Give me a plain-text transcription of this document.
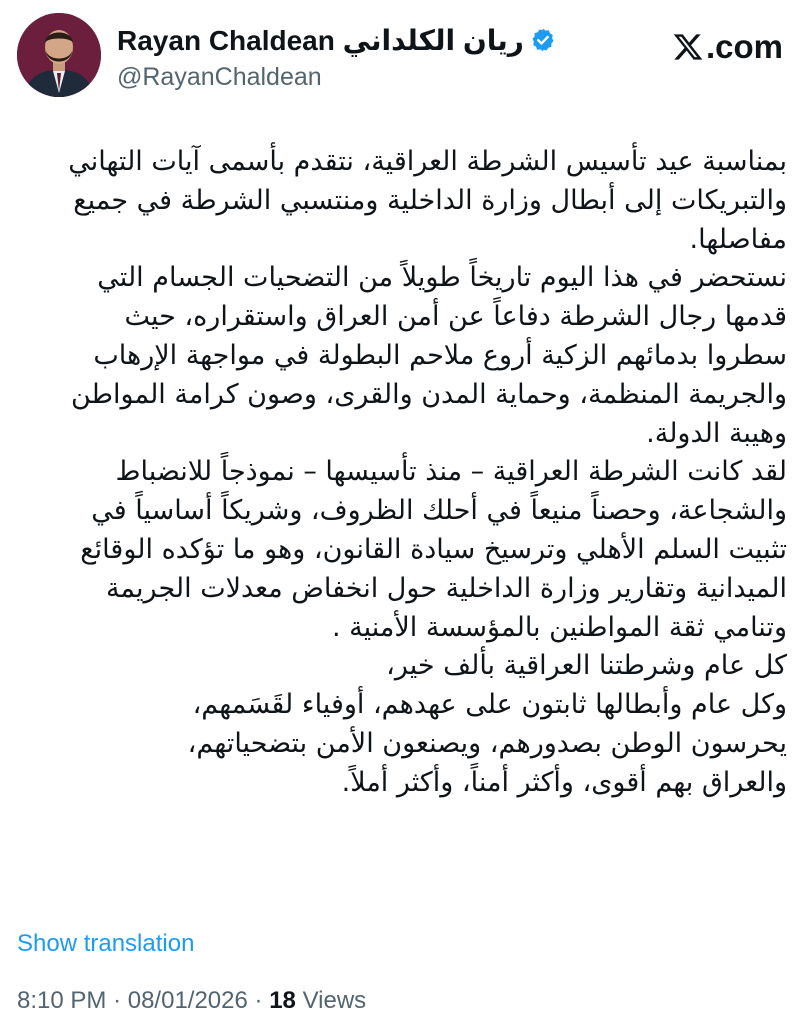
Rayan Chaldean ريان الكلداني
@RayanChaldean
.com
بمناسبة عيد تأسيس الشرطة العراقية، نتقدم بأسمى آيات التهاني
والتبريكات إلى أبطال وزارة الداخلية ومنتسبي الشرطة في جميع
مفاصلها.
نستحضر في هذا اليوم تاريخاً طويلاً من التضحيات الجسام التي
قدمها رجال الشرطة دفاعاً عن أمن العراق واستقراره، حيث
سطروا بدمائهم الزكية أروع ملاحم البطولة في مواجهة الإرهاب
والجريمة المنظمة، وحماية المدن والقرى، وصون كرامة المواطن
وهيبة الدولة.
لقد كانت الشرطة العراقية – منذ تأسيسها – نموذجاً للانضباط
والشجاعة، وحصناً منيعاً في أحلك الظروف، وشريكاً أساسياً في
تثبيت السلم الأهلي وترسيخ سيادة القانون، وهو ما تؤكده الوقائع
الميدانية وتقارير وزارة الداخلية حول انخفاض معدلات الجريمة
وتنامي ثقة المواطنين بالمؤسسة الأمنية .
كل عام وشرطتنا العراقية بألف خير،
وكل عام وأبطالها ثابتون على عهدهم، أوفياء لقَسَمهم،
يحرسون الوطن بصدورهم، ويصنعون الأمن بتضحياتهم،
والعراق بهم أقوى، وأكثر أمناً، وأكثر أملاً.
Show translation
8:10 PM · 08/01/2026 · 18 Views
